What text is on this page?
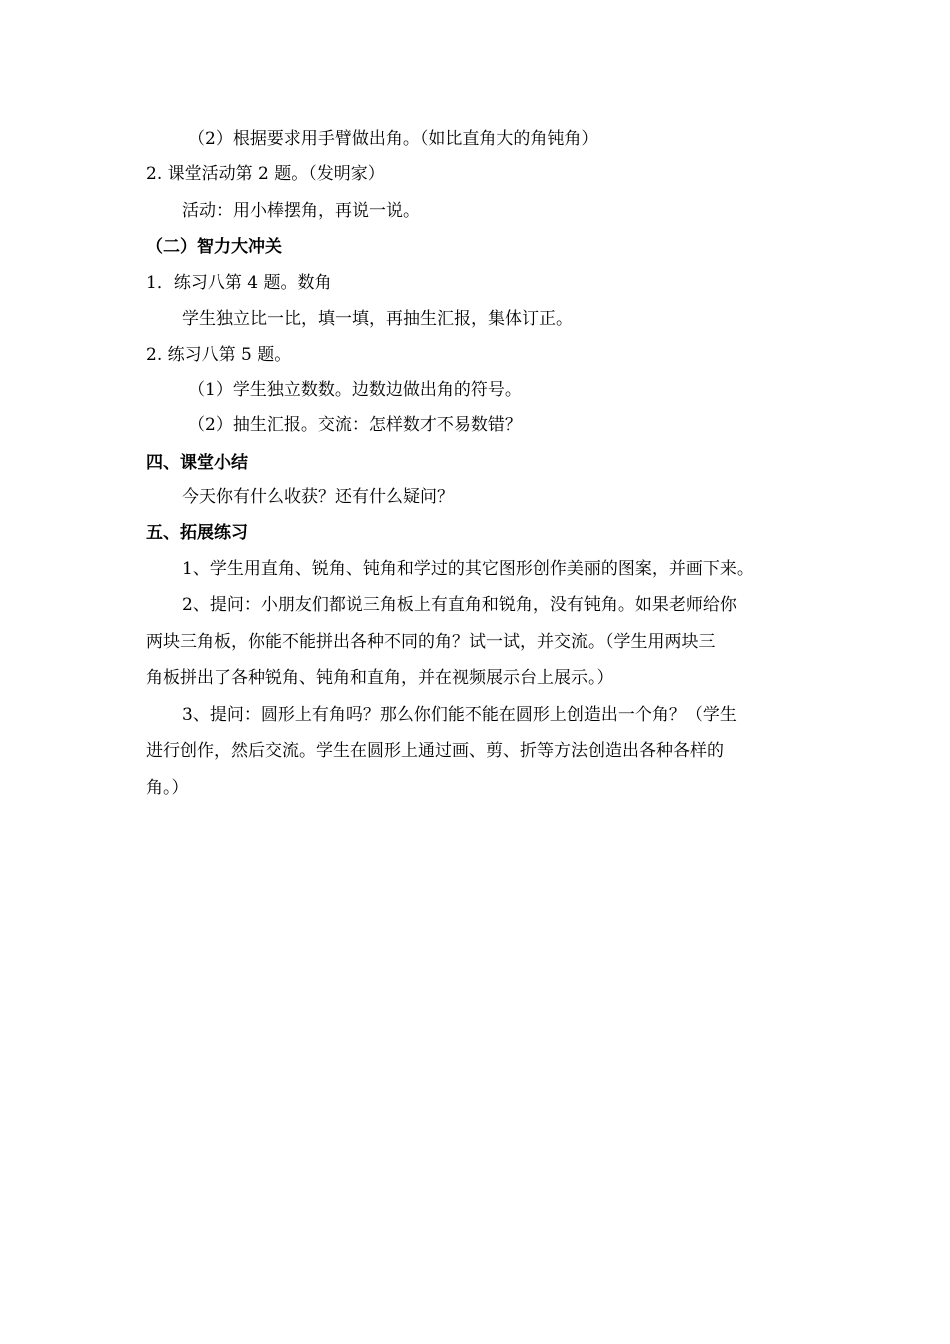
（2）根据要求用手臂做出角。（如比直角大的角钝角）
2. 课堂活动第 2 题。（发明家）
活动：用小棒摆角，再说一说。
（二）智力大冲关
1．练习八第 4 题。数角
学生独立比一比，填一填，再抽生汇报，集体订正。
2. 练习八第 5 题。
（1）学生独立数数。边数边做出角的符号。
（2）抽生汇报。交流：怎样数才不易数错？
四、课堂小结
今天你有什么收获？还有什么疑问？
五、拓展练习
1、学生用直角、锐角、钝角和学过的其它图形创作美丽的图案，并画下来。
2、提问：小朋友们都说三角板上有直角和锐角，没有钝角。如果老师给你
两块三角板，你能不能拼出各种不同的角？试一试，并交流。（学生用两块三
角板拼出了各种锐角、钝角和直角，并在视频展示台上展示。）
3、提问：圆形上有角吗？那么你们能不能在圆形上创造出一个角？（学生
进行创作，然后交流。学生在圆形上通过画、剪、折等方法创造出各种各样的
角。）
